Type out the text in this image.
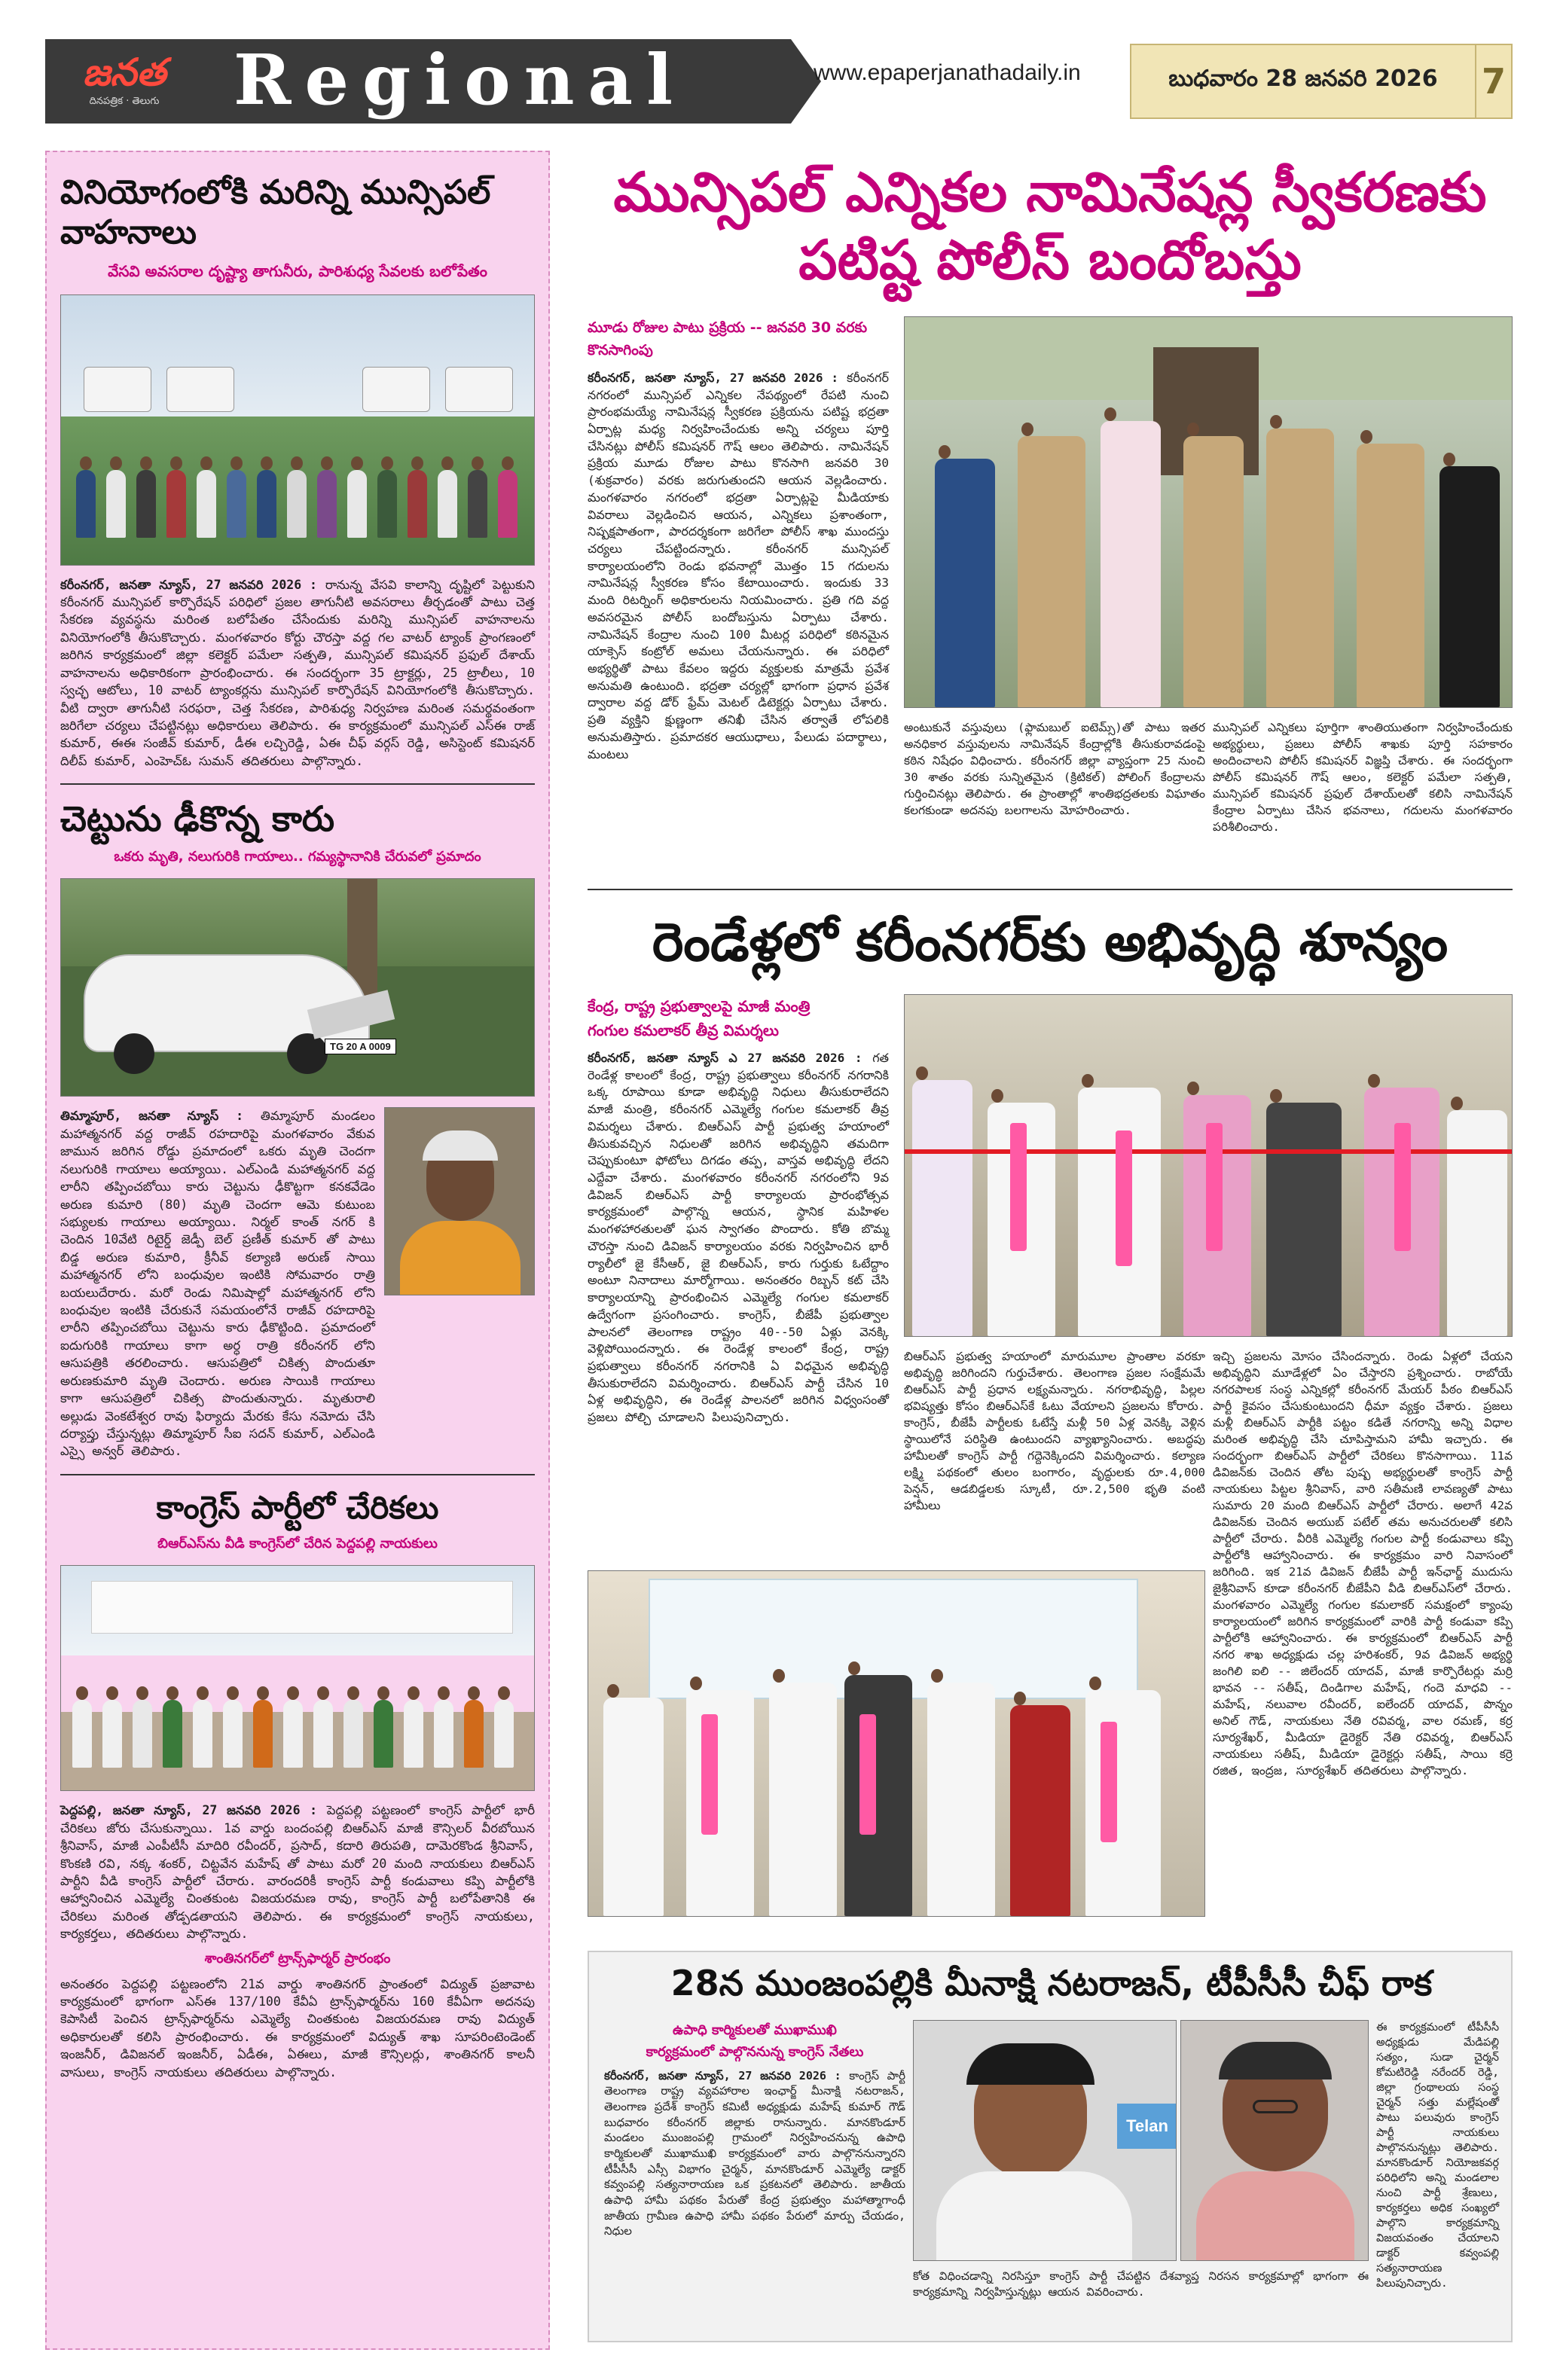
జనత
దినపత్రిక · తెలుగు Regional	www.epaperjanathadaily.in	బుధవారం 28 జనవరి 2026	7
వినియోగంలోకి మరిన్ని మున్సిపల్ వాహనాలు
వేసవి అవసరాల దృష్ట్యా తాగునీరు, పారిశుధ్య సేవలకు బలోపేతం
కరీంనగర్, జనతా న్యూస్, 27 జనవరి 2026 : రానున్న వేసవి కాలాన్ని దృష్టిలో పెట్టుకుని కరీంనగర్ మున్సిపల్ కార్పొరేషన్ పరిధిలో ప్రజల తాగునీటి అవసరాలు తీర్చడంతో పాటు చెత్త సేకరణ వ్యవస్థను మరింత బలోపేతం చేసేందుకు మరిన్ని మున్సిపల్ వాహనాలను వినియోగంలోకి తీసుకొచ్చారు. మంగళవారం కోర్టు చౌరస్తా వద్ద గల వాటర్ ట్యాంక్ ప్రాంగణంలో జరిగిన కార్యక్రమంలో జిల్లా కలెక్టర్ పమేలా సత్పతి, మున్సిపల్ కమిషనర్ ప్రఫుల్ దేశాయ్ వాహనాలను అధికారికంగా ప్రారంభించారు. ఈ సందర్భంగా 35 ట్రాక్టర్లు, 25 ట్రాలీలు, 10 స్వచ్ఛ ఆటోలు, 10 వాటర్ ట్యాంకర్లను మున్సిపల్ కార్పొరేషన్ వినియోగంలోకి తీసుకొచ్చారు. వీటి ద్వారా తాగునీటి సరఫరా, చెత్త సేకరణ, పారిశుధ్య నిర్వహణ మరింత సమర్థవంతంగా జరిగేలా చర్యలు చేపట్టినట్లు అధికారులు తెలిపారు. ఈ కార్యక్రమంలో మున్సిపల్ ఎస్ఈ రాజ్ కుమార్, ఈఈ సంజీవ్ కుమార్, డీఈ లచ్చిరెడ్డి, ఏఈ చీఫ్ వర్గస్ రెడ్డి, అసిస్టెంట్ కమిషనర్ దిలీప్ కుమార్, ఎంహెచ్ఓ సుమన్ తదితరులు పాల్గొన్నారు.
చెట్టును ఢీకొన్న కారు
ఒకరు మృతి, నలుగురికి గాయాలు.. గమ్యస్థానానికి చేరువలో ప్రమాదం
TG 20 A 0009
తిమ్మాపూర్, జనతా న్యూస్ : తిమ్మాపూర్ మండలం మహాత్మనగర్ వద్ద రాజీవ్ రహదారిపై మంగళవారం వేకువ జామున జరిగిన రోడ్డు ప్రమాదంలో ఒకరు మృతి చెందగా నలుగురికి గాయాలు అయ్యాయి. ఎల్ఎండి మహాత్మనగర్ వద్ద లారీని తప్పించబోయి కారు చెట్టును ఢీకొట్టగా కనకవేడెం అరుణ కుమారి (80) మృతి చెందగా ఆమె కుటుంబ సభ్యులకు గాయాలు అయ్యాయి. నిర్మల్ కాంత్ నగర్ కి చెందిన 10వేటి రిటైర్డ్ జెడ్పీ బెల్ ప్రణీత్ కుమార్ తో పాటు బిడ్డ అరుణ కుమారి, క్రీనీవ్ కల్యాణి అరుణ్ సాయి మహాత్మనగర్ లోని బంధువుల ఇంటికి సోమవారం రాత్రి బయలుదేరారు. మరో రెండు నిమిషాల్లో మహాత్మనగర్ లోని బంధువుల ఇంటికి చేరుకునే సమయంలోనే రాజీవ్ రహదారిపై లారీని తప్పించబోయి చెట్టును కారు ఢీకొట్టింది. ప్రమాదంలో ఐదుగురికి గాయాలు కాగా అర్ధ రాత్రి కరీంనగర్ లోని ఆసుపత్రికి తరలించారు. ఆసుపత్రిలో చికిత్స పొందుతూ అరుణకుమారి మృతి చెందారు. అరుణ సాయికి గాయాలు కాగా ఆసుపత్రిలో చికిత్స పొందుతున్నారు. మృతురాలి అల్లుడు వెంకటేశ్వర రావు ఫిర్యాదు మేరకు కేసు నమోదు చేసి దర్యాప్తు చేస్తున్నట్లు తిమ్మాపూర్ సీఐ సదన్ కుమార్, ఎల్ఎండి ఎస్సై అన్వర్ తెలిపారు.
కాంగ్రెస్ పార్టీలో చేరికలు
బిఆర్ఎస్‌ను వీడి కాంగ్రెస్‌లో చేరిన పెద్దపల్లి నాయకులు
పెద్దపల్లి, జనతా న్యూస్, 27 జనవరి 2026 : పెద్దపల్లి పట్టణంలో కాంగ్రెస్ పార్టీలో భారీ చేరికలు జోరు చేసుకున్నాయి. 1వ వార్డు బందంపల్లి బిఆర్ఎస్ మాజీ కౌన్సిలర్ వీరబోయిన శ్రీనివాస్, మాజీ ఎంపీటీసీ మాదిరి రవీందర్, ప్రసాద్, కదారి తిరుపతి, దామెరకొండ శ్రీనివాస్, కొంకణి రవి, నక్క శంకర్, చిట్టవేన మహేష్ తో పాటు మరో 20 మంది నాయకులు బిఆర్ఎస్ పార్టీని వీడి కాంగ్రెస్ పార్టీలో చేరారు. వారందరికీ కాంగ్రెస్ పార్టీ కండువాలు కప్పి పార్టీలోకి ఆహ్వానించిన ఎమ్మెల్యే చింతకుంట విజయరమణ రావు, కాంగ్రెస్ పార్టీ బలోపేతానికి ఈ చేరికలు మరింత తోడ్పడతాయని తెలిపారు. ఈ కార్యక్రమంలో కాంగ్రెస్ నాయకులు, కార్యకర్తలు, తదితరులు పాల్గొన్నారు.
శాంతినగర్‌లో ట్రాన్స్‌ఫార్మర్ ప్రారంభం
అనంతరం పెద్దపల్లి పట్టణంలోని 21వ వార్డు శాంతినగర్ ప్రాంతంలో విద్యుత్ ప్రజావాట కార్యక్రమంలో భాగంగా ఎస్ఈ 137/100 కేవీఏ ట్రాన్స్‌ఫార్మర్‌ను 160 కేవీఏగా అదనపు కెపాసిటీ పెంచిన ట్రాన్స్‌ఫార్మర్‌ను ఎమ్మెల్యే చింతకుంట విజయరమణ రావు విద్యుత్ అధికారులతో కలిసి ప్రారంభించారు. ఈ కార్యక్రమంలో విద్యుత్ శాఖ సూపరింటెండెంట్ ఇంజనీర్, డివిజనల్ ఇంజనీర్, ఏడీఈ, ఏఈలు, మాజీ కౌన్సిలర్లు, శాంతినగర్ కాలనీ వాసులు, కాంగ్రెస్ నాయకులు తదితరులు పాల్గొన్నారు.
మున్సిపల్ ఎన్నికల నామినేషన్ల స్వీకరణకు పటిష్ట పోలీస్ బందోబస్తు
మూడు రోజుల పాటు ప్రక్రియ -- జనవరి 30 వరకు కొనసాగింపు
కరీంనగర్, జనతా న్యూస్, 27 జనవరి 2026 : కరీంనగర్ నగరంలో మున్సిపల్ ఎన్నికల నేపథ్యంలో రేపటి నుంచి ప్రారంభమయ్యే నామినేషన్ల స్వీకరణ ప్రక్రియను పటిష్ట భద్రతా ఏర్పాట్ల మధ్య నిర్వహించేందుకు అన్ని చర్యలు పూర్తి చేసినట్లు పోలీస్ కమిషనర్ గౌష్ ఆలం తెలిపారు. నామినేషన్ ప్రక్రియ మూడు రోజుల పాటు కొనసాగి జనవరి 30 (శుక్రవారం) వరకు జరుగుతుందని ఆయన వెల్లడించారు. మంగళవారం నగరంలో భద్రతా ఏర్పాట్లపై మీడియాకు వివరాలు వెల్లడించిన ఆయన, ఎన్నికలు ప్రశాంతంగా, నిష్పక్షపాతంగా, పారదర్శకంగా జరిగేలా పోలీస్ శాఖ ముందస్తు చర్యలు చేపట్టిందన్నారు. కరీంనగర్ మున్సిపల్ కార్యాలయంలోని రెండు భవనాల్లో మొత్తం 15 గదులను నామినేషన్ల స్వీకరణ కోసం కేటాయించారు. ఇందుకు 33 మంది రిటర్నింగ్ అధికారులను నియమించారు. ప్రతి గది వద్ద అవసరమైన పోలీస్ బందోబస్తును ఏర్పాటు చేశారు. నామినేషన్ కేంద్రాల నుంచి 100 మీటర్ల పరిధిలో కఠినమైన యాక్సెస్ కంట్రోల్ అమలు చేయనున్నారు. ఈ పరిధిలో అభ్యర్థితో పాటు కేవలం ఇద్దరు వ్యక్తులకు మాత్రమే ప్రవేశ అనుమతి ఉంటుంది. భద్రతా చర్యల్లో భాగంగా ప్రధాన ప్రవేశ ద్వారాల వద్ద డోర్ ఫ్రేమ్ మెటల్ డిటెక్టర్లు ఏర్పాటు చేశారు. ప్రతి వ్యక్తిని క్షుణ్ణంగా తనిఖీ చేసిన తర్వాతే లోపలికి అనుమతిస్తారు. ప్రమాదకర ఆయుధాలు, పేలుడు పదార్థాలు, మంటలు
అంటుకునే వస్తువులు (ఫ్లామబుల్ ఐటెమ్స్)తో పాటు ఇతర అనధికార వస్తువులను నామినేషన్ కేంద్రాల్లోకి తీసుకురావడంపై కఠిన నిషేధం విధించారు. కరీంనగర్ జిల్లా వ్యాప్తంగా 25 నుంచి 30 శాతం వరకు సున్నితమైన (క్రిటికల్) పోలింగ్ కేంద్రాలను గుర్తించినట్లు తెలిపారు. ఈ ప్రాంతాల్లో శాంతిభద్రతలకు విఘాతం కలగకుండా అదనపు బలగాలను మోహరించారు.
మున్సిపల్ ఎన్నికలు పూర్తిగా శాంతియుతంగా నిర్వహించేందుకు అభ్యర్థులు, ప్రజలు పోలీస్ శాఖకు పూర్తి సహకారం అందించాలని పోలీస్ కమిషనర్ విజ్ఞప్తి చేశారు. ఈ సందర్భంగా పోలీస్ కమిషనర్ గౌష్ ఆలం, కలెక్టర్ పమేలా సత్పతి, మున్సిపల్ కమిషనర్ ప్రఫుల్ దేశాయ్‌లతో కలిసి నామినేషన్ కేంద్రాల ఏర్పాటు చేసిన భవనాలు, గదులను మంగళవారం పరిశీలించారు.
రెండేళ్లలో కరీంనగర్‌కు అభివృద్ధి శూన్యం
కేంద్ర, రాష్ట్ర ప్రభుత్వాలపై మాజీ మంత్రి
గంగుల కమలాకర్ తీవ్ర విమర్శలు
కరీంనగర్, జనతా న్యూస్ ఎ 27 జనవరి 2026 : గత రెండేళ్ల కాలంలో కేంద్ర, రాష్ట్ర ప్రభుత్వాలు కరీంనగర్ నగరానికి ఒక్క రూపాయి కూడా అభివృద్ధి నిధులు తీసుకురాలేదని మాజీ మంత్రి, కరీంనగర్ ఎమ్మెల్యే గంగుల కమలాకర్ తీవ్ర విమర్శలు చేశారు. బిఆర్ఎస్ పార్టీ ప్రభుత్వ హయాంలో తీసుకువచ్చిన నిధులతో జరిగిన అభివృద్ధిని తమదిగా చెప్పుకుంటూ ఫోటోలు దిగడం తప్ప, వాస్తవ అభివృద్ధి లేదని ఎద్దేవా చేశారు. మంగళవారం కరీంనగర్ నగరంలోని 9వ డివిజన్ బిఆర్ఎస్ పార్టీ కార్యాలయ ప్రారంభోత్సవ కార్యక్రమంలో పాల్గొన్న ఆయన, స్థానిక మహిళల మంగళహారతులతో ఘన స్వాగతం పొందారు. కోతి బొమ్మ చౌరస్తా నుంచి డివిజన్ కార్యాలయం వరకు నిర్వహించిన భారీ ర్యాలీలో జై కేసీఆర్, జై బిఆర్ఎస్, కారు గుర్తుకు ఓటేద్దాం అంటూ నినాదాలు మార్మోగాయి. అనంతరం రిబ్బన్ కట్ చేసి కార్యాలయాన్ని ప్రారంభించిన ఎమ్మెల్యే గంగుల కమలాకర్ ఉద్వేగంగా ప్రసంగించారు. కాంగ్రెస్, బీజేపీ ప్రభుత్వాల పాలనలో తెలంగాణ రాష్ట్రం 40--50 ఏళ్లు వెనక్కి వెళ్లిపోయిందన్నారు. ఈ రెండేళ్ల కాలంలో కేంద్ర, రాష్ట్ర ప్రభుత్వాలు కరీంనగర్ నగరానికి ఏ విధమైన అభివృద్ధి తీసుకురాలేదని విమర్శించారు. బిఆర్ఎస్ పార్టీ చేసిన 10 ఏళ్ల అభివృద్ధిని, ఈ రెండేళ్ల పాలనలో జరిగిన విధ్వంసంతో ప్రజలు పోల్చి చూడాలని పిలుపునిచ్చారు.
బిఆర్ఎస్ ప్రభుత్వ హయాంలో మారుమూల ప్రాంతాల వరకూ అభివృద్ధి జరిగిందని గుర్తుచేశారు. తెలంగాణ ప్రజల సంక్షేమమే బిఆర్ఎస్ పార్టీ ప్రధాన లక్ష్యమన్నారు. నగరాభివృద్ధి, పిల్లల భవిష్యత్తు కోసం బిఆర్ఎస్‌కే ఓటు వేయాలని ప్రజలను కోరారు. కాంగ్రెస్, బీజేపీ పార్టీలకు ఓటేస్తే మళ్లీ 50 ఏళ్ల వెనక్కి వెళ్లిన స్థాయిలోనే పరిస్థితి ఉంటుందని వ్యాఖ్యానించారు. అబద్ధపు హామీలతో కాంగ్రెస్ పార్టీ గద్దెనెక్కిందని విమర్శించారు. కల్యాణ లక్ష్మి పథకంలో తులం బంగారం, వృద్ధులకు రూ.4,000 పెన్షన్, ఆడబిడ్డలకు స్కూటీ, రూ.2,500 భృతి వంటి హామీలు
ఇచ్చి ప్రజలను మోసం చేసిందన్నారు. రెండు ఏళ్లలో చేయని అభివృద్ధిని మూడేళ్లలో ఏం చేస్తారని ప్రశ్నించారు. రాబోయే నగరపాలక సంస్థ ఎన్నికల్లో కరీంనగర్ మేయర్ పీఠం బిఆర్ఎస్ పార్టీ కైవసం చేసుకుంటుందని ధీమా వ్యక్తం చేశారు. ప్రజలు మళ్లీ బిఆర్ఎస్ పార్టీకి పట్టం కడితే నగరాన్ని అన్ని విధాల మరింత అభివృద్ధి చేసి చూపిస్తామని హామీ ఇచ్చారు. ఈ సందర్భంగా బిఆర్ఎస్ పార్టీలో చేరికలు కొనసాగాయి. 11వ డివిజన్‌కు చెందిన తోట పుష్ప అభ్యర్థులతో కాంగ్రెస్ పార్టీ నాయకులు పిట్టల శ్రీనివాస్, వారి సతీమణి లావణ్యతో పాటు సుమారు 20 మంది బిఆర్ఎస్ పార్టీలో చేరారు. అలాగే 42వ డివిజన్‌కు చెందిన అయుబ్ పటేల్ తమ అనుచరులతో కలిసి పార్టీలో చేరారు. వీరికి ఎమ్మెల్యే గంగుల పార్టీ కండువాలు కప్పి పార్టీలోకి ఆహ్వానించారు. ఈ కార్యక్రమం వారి నివాసంలో జరిగింది. ఇక 21వ డివిజన్ బీజేపీ పార్టీ ఇన్‌ఛార్జ్ ముదుసు జైశ్రీనివాస్ కూడా కరీంనగర్ బీజేపీని వీడి బిఆర్ఎస్‌లో చేరారు. మంగళవారం ఎమ్మెల్యే గంగుల కమలాకర్ సమక్షంలో క్యాంపు కార్యాలయంలో జరిగిన కార్యక్రమంలో వారికి పార్టీ కండువా కప్పి పార్టీలోకి ఆహ్వానించారు. ఈ కార్యక్రమంలో బిఆర్ఎస్ పార్టీ నగర శాఖ అధ్యక్షుడు చల్ల హరిశంకర్, 9వ డివిజన్ అభ్యర్థి జంగిలి ఐలి -- జిలేందర్ యాదవ్, మాజీ కార్పొరేటర్లు మర్రి భావన -- సతీష్, దిండిగాల మహేష్, గందె మాధవి -- మహేష్, నలువాల రవీందర్, ఐలేందర్ యాదవ్, పొన్నం అనిల్ గౌడ్, నాయకులు నేతి రవివర్మ, వాల రమణ్, కర్ర సూర్యశేఖర్, మీడియా డైరెక్టర్ నేతి రవివర్మ, బిఆర్ఎస్ నాయకులు సతీష్, మీడియా డైరెక్టర్లు సతీష్, సాయి కర్రె రజిత, ఇంద్రజ, సూర్యశేఖర్ తదితరులు పాల్గొన్నారు.
28న ముంజంపల్లికి మీనాక్షి నటరాజన్, టీపీసీసీ చీఫ్ రాక
ఉపాధి కార్మికులతో ముఖాముఖి
కార్యక్రమంలో పాల్గొననున్న కాంగ్రెస్ నేతలు
కరీంనగర్, జనతా న్యూస్, 27 జనవరి 2026 : కాంగ్రెస్ పార్టీ తెలంగాణ రాష్ట్ర వ్యవహారాల ఇంఛార్జ్ మీనాక్షి నటరాజన్, తెలంగాణ ప్రదేశ్ కాంగ్రెస్ కమిటీ అధ్యక్షుడు మహేష్ కుమార్ గౌడ్ బుధవారం కరీంనగర్ జిల్లాకు రానున్నారు. మానకొండూర్ మండలం ముంజంపల్లి గ్రామంలో నిర్వహించనున్న ఉపాధి కార్మికులతో ముఖాముఖి కార్యక్రమంలో వారు పాల్గొననున్నారని టీపీసీసీ ఎస్సీ విభాగం చైర్మన్, మానకొండూర్ ఎమ్మెల్యే డాక్టర్ కవ్వంపల్లి సత్యనారాయణ ఒక ప్రకటనలో తెలిపారు. జాతీయ ఉపాధి హామీ పథకం పేరుతో కేంద్ర ప్రభుత్వం మహాత్మాగాంధీ జాతీయ గ్రామీణ ఉపాధి హామీ పథకం పేరులో మార్పు చేయడం, నిధుల
Telan
కోత విధించడాన్ని నిరసిస్తూ కాంగ్రెస్ పార్టీ చేపట్టిన దేశవ్యాప్త నిరసన కార్యక్రమాల్లో భాగంగా ఈ కార్యక్రమాన్ని నిర్వహిస్తున్నట్లు ఆయన వివరించారు.
ఈ కార్యక్రమంలో టీపీసీసీ అధ్యక్షుడు మేడిపల్లి సత్యం, సుడా చైర్మన్ కోమటిరెడ్డి నరేందర్ రెడ్డి, జిల్లా గ్రంథాలయ సంస్థ చైర్మన్ సత్తు మల్లేషంతో పాటు పలువురు కాంగ్రెస్ పార్టీ నాయకులు పాల్గొననున్నట్లు తెలిపారు. మానకొండూర్ నియోజకవర్గ పరిధిలోని అన్ని మండలాల నుంచి పార్టీ శ్రేణులు, కార్యకర్తలు అధిక సంఖ్యలో పాల్గొని కార్యక్రమాన్ని విజయవంతం చేయాలని డాక్టర్ కవ్వంపల్లి సత్యనారాయణ పిలుపునిచ్చారు.
